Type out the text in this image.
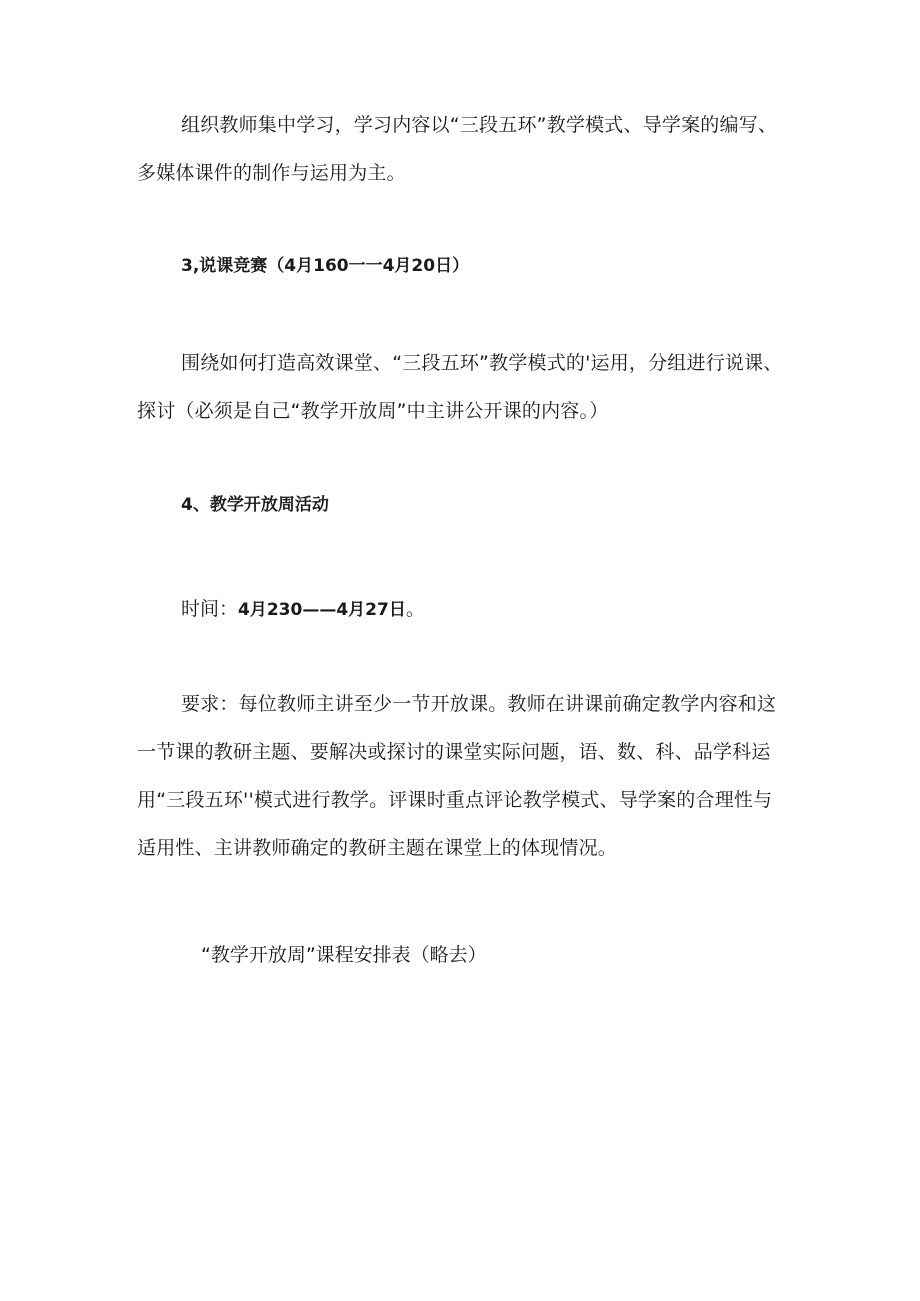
组织教师集中学习，学习内容以“三段五环”教学模式、导学案的编写、多媒体课件的制作与运用为主。

3,说课竞赛（4月160一一4月20日）

围绕如何打造高效课堂、“三段五环”教学模式的'运用，分组进行说课、探讨（必须是自己“教学开放周”中主讲公开课的内容。）

4、教学开放周活动

时间：4月230——4月27日。

要求：每位教师主讲至少一节开放课。教师在讲课前确定教学内容和这一节课的教研主题、要解决或探讨的课堂实际问题，语、数、科、品学科运用“三段五环''模式进行教学。评课时重点评论教学模式、导学案的合理性与适用性、主讲教师确定的教研主题在课堂上的体现情况。

“教学开放周”课程安排表（略去）
